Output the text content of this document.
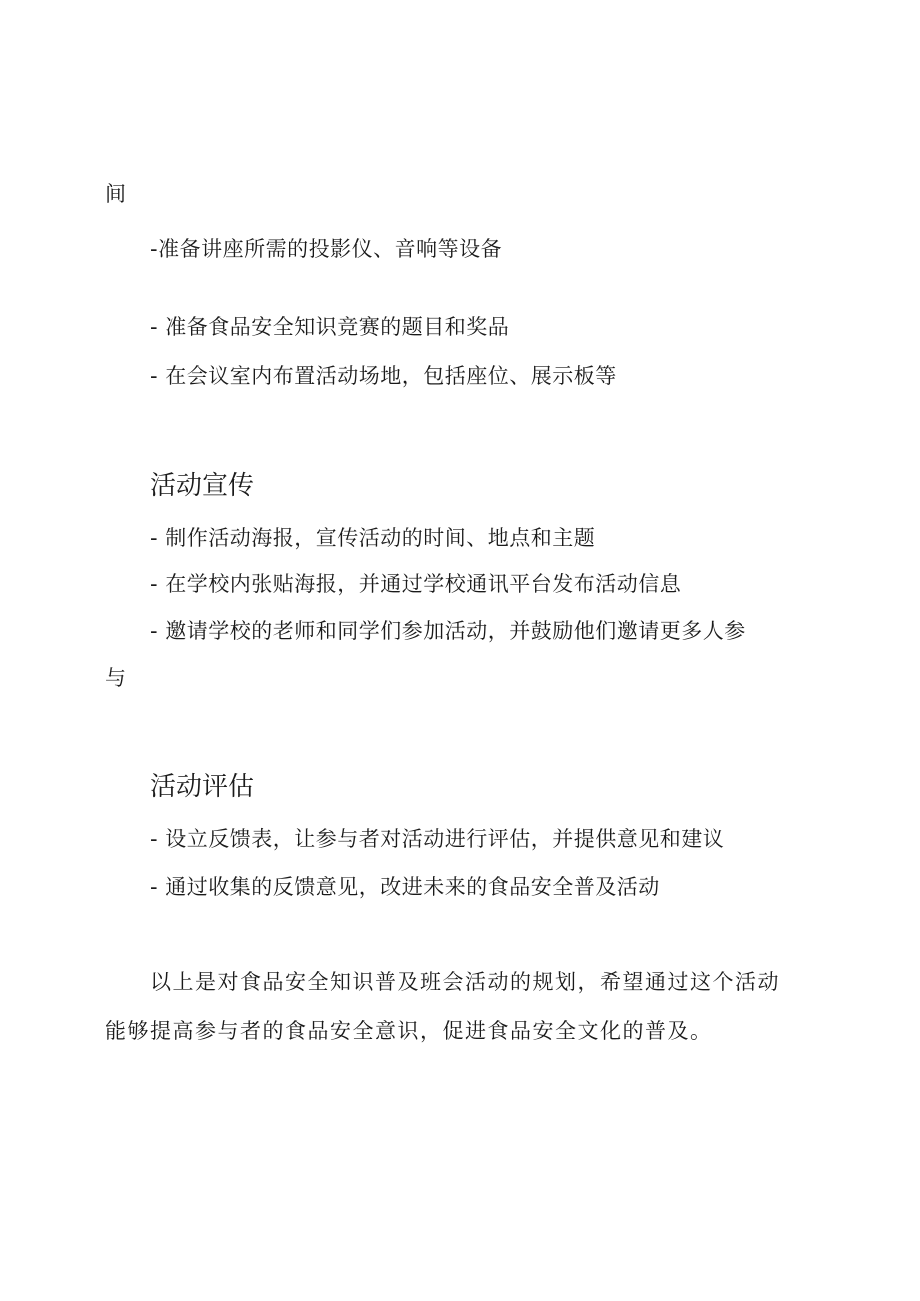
间
-准备讲座所需的投影仪、音响等设备
- 准备食品安全知识竞赛的题目和奖品
- 在会议室内布置活动场地，包括座位、展示板等
活动宣传
- 制作活动海报，宣传活动的时间、地点和主题
- 在学校内张贴海报，并通过学校通讯平台发布活动信息
- 邀请学校的老师和同学们参加活动，并鼓励他们邀请更多人参
与
活动评估
- 设立反馈表，让参与者对活动进行评估，并提供意见和建议
- 通过收集的反馈意见，改进未来的食品安全普及活动
以上是对食品安全知识普及班会活动的规划，希望通过这个活动
能够提高参与者的食品安全意识，促进食品安全文化的普及。
